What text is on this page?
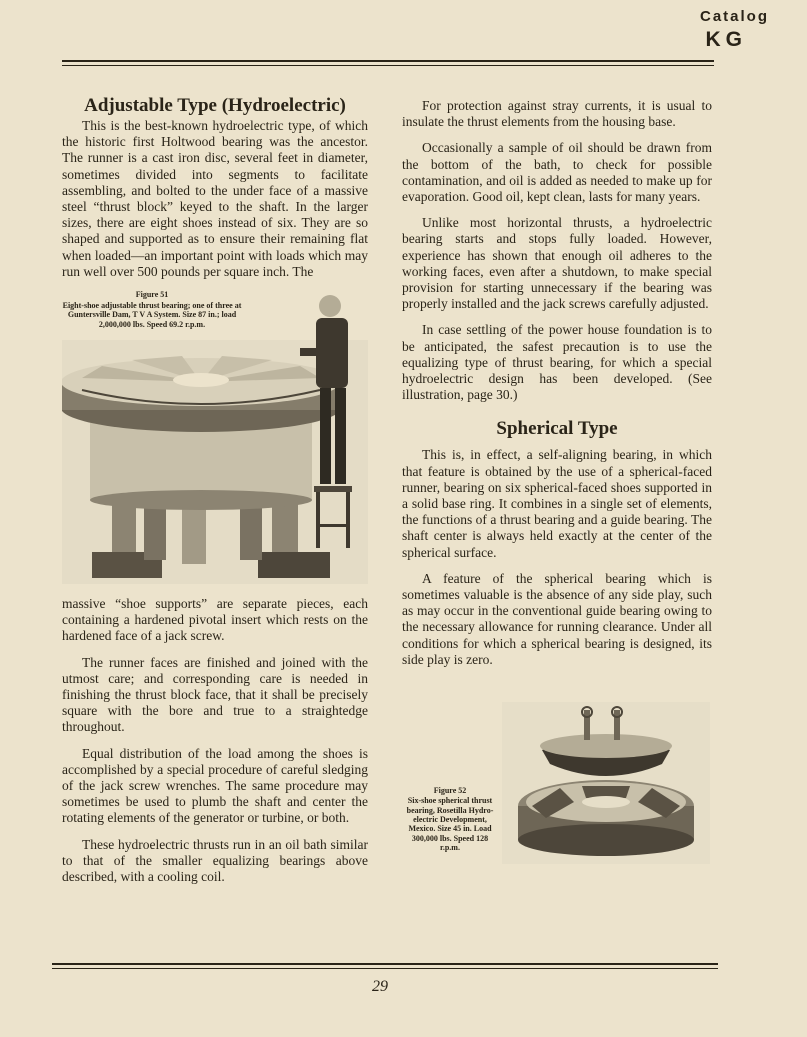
Catalog
KG
Adjustable Type (Hydroelectric)

This is the best-known hydroelectric type, of which the historic first Holtwood bearing was the ancestor. The runner is a cast iron disc, several feet in diameter, sometimes divided into segments to facilitate assembling, and bolted to the under face of a massive steel “thrust block” keyed to the shaft. In the larger sizes, there are eight shoes instead of six. They are so shaped and supported as to ensure their remaining flat when loaded—an important point with loads which may run well over 500 pounds per square inch. The

Figure 51
Eight-shoe adjustable thrust bearing; one of three at Guntersville Dam, T V A System. Size 87 in.; load 2,000,000 lbs. Speed 69.2 r.p.m.

massive “shoe supports” are separate pieces, each containing a hardened pivotal insert which rests on the hardened face of a jack screw.

The runner faces are finished and joined with the utmost care; and corresponding care is needed in finishing the thrust block face, that it shall be precisely square with the bore and true to a straightedge throughout.

Equal distribution of the load among the shoes is accomplished by a special procedure of careful sledging of the jack screw wrenches. The same procedure may sometimes be used to plumb the shaft and center the rotating elements of the generator or turbine, or both.

These hydroelectric thrusts run in an oil bath similar to that of the smaller equalizing bearings above described, with a cooling coil.

For protection against stray currents, it is usual to insulate the thrust elements from the housing base.

Occasionally a sample of oil should be drawn from the bottom of the bath, to check for possible contamination, and oil is added as needed to make up for evaporation. Good oil, kept clean, lasts for many years.

Unlike most horizontal thrusts, a hydroelectric bearing starts and stops fully loaded. However, experience has shown that enough oil adheres to the working faces, even after a shutdown, to make special provision for starting unnecessary if the bearing was properly installed and the jack screws carefully adjusted.

In case settling of the power house foundation is to be anticipated, the safest precaution is to use the equalizing type of thrust bearing, for which a special hydroelectric design has been developed. (See illustration, page 30.)

Spherical Type

This is, in effect, a self-aligning bearing, in which that feature is obtained by the use of a spherical-faced runner, bearing on six spherical-faced shoes supported in a solid base ring. It combines in a single set of elements, the functions of a thrust bearing and a guide bearing. The shaft center is always held exactly at the center of the spherical surface.

A feature of the spherical bearing which is sometimes valuable is the absence of any side play, such as may occur in the conventional guide bearing owing to the necessary allowance for running clearance. Under all conditions for which a spherical bearing is designed, its side play is zero.

Figure 52
Six-shoe spherical thrust bearing, Rosetilla Hydro-electric Development, Mexico. Size 45 in. Load 300,000 lbs. Speed 128 r.p.m.
29
